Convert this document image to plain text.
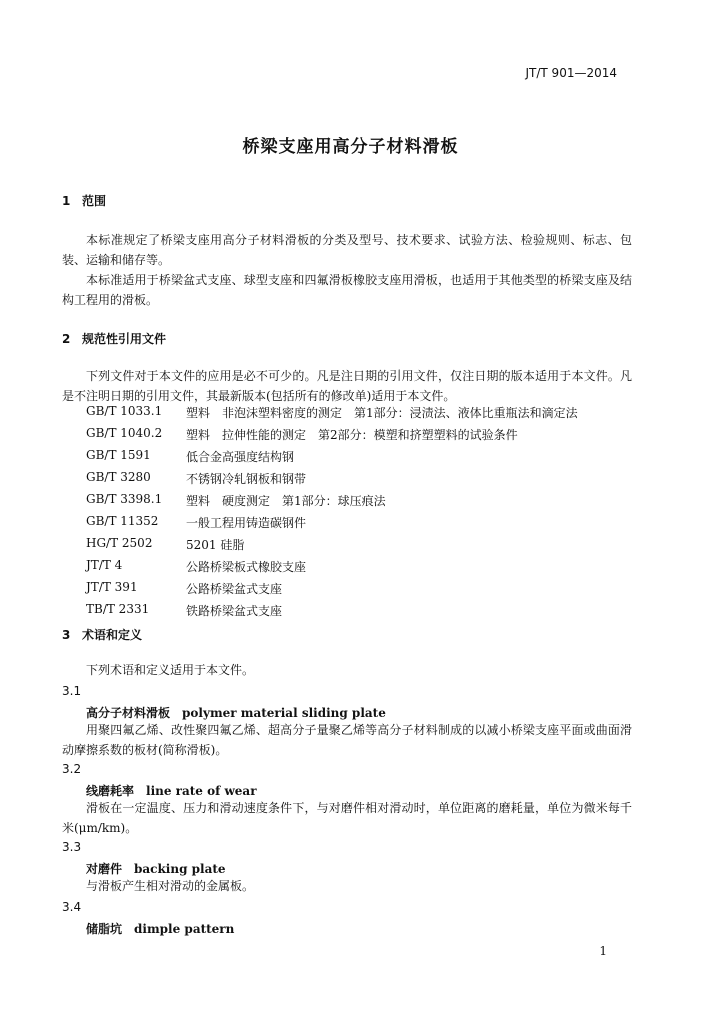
JT/T 901—2014
桥梁支座用高分子材料滑板
1 范围
本标准规定了桥梁支座用高分子材料滑板的分类及型号、技术要求、试验方法、检验规则、标志、包装、运输和储存等。
本标准适用于桥梁盆式支座、球型支座和四氟滑板橡胶支座用滑板，也适用于其他类型的桥梁支座及结构工程用的滑板。
2 规范性引用文件
下列文件对于本文件的应用是必不可少的。凡是注日期的引用文件，仅注日期的版本适用于本文件。凡是不注明日期的引用文件，其最新版本(包括所有的修改单)适用于本文件。
GB/T 1033.1	塑料　非泡沫塑料密度的测定　第1部分：浸渍法、液体比重瓶法和滴定法
GB/T 1040.2	塑料　拉伸性能的测定　第2部分：模塑和挤塑塑料的试验条件
GB/T 1591	低合金高强度结构钢
GB/T 3280	不锈钢冷轧钢板和钢带
GB/T 3398.1	塑料　硬度测定　第1部分：球压痕法
GB/T 11352	一般工程用铸造碳钢件
HG/T 2502	5201 硅脂
JT/T 4	公路桥梁板式橡胶支座
JT/T 391	公路桥梁盆式支座
TB/T 2331	铁路桥梁盆式支座
3 术语和定义
下列术语和定义适用于本文件。
3.1
高分子材料滑板 polymer material sliding plate
用聚四氟乙烯、改性聚四氟乙烯、超高分子量聚乙烯等高分子材料制成的以减小桥梁支座平面或曲面滑动摩擦系数的板材(简称滑板)。
3.2
线磨耗率 line rate of wear
滑板在一定温度、压力和滑动速度条件下，与对磨件相对滑动时，单位距离的磨耗量，单位为微米每千米(μm/km)。
3.3
对磨件 backing plate
与滑板产生相对滑动的金属板。
3.4
储脂坑 dimple pattern
1
